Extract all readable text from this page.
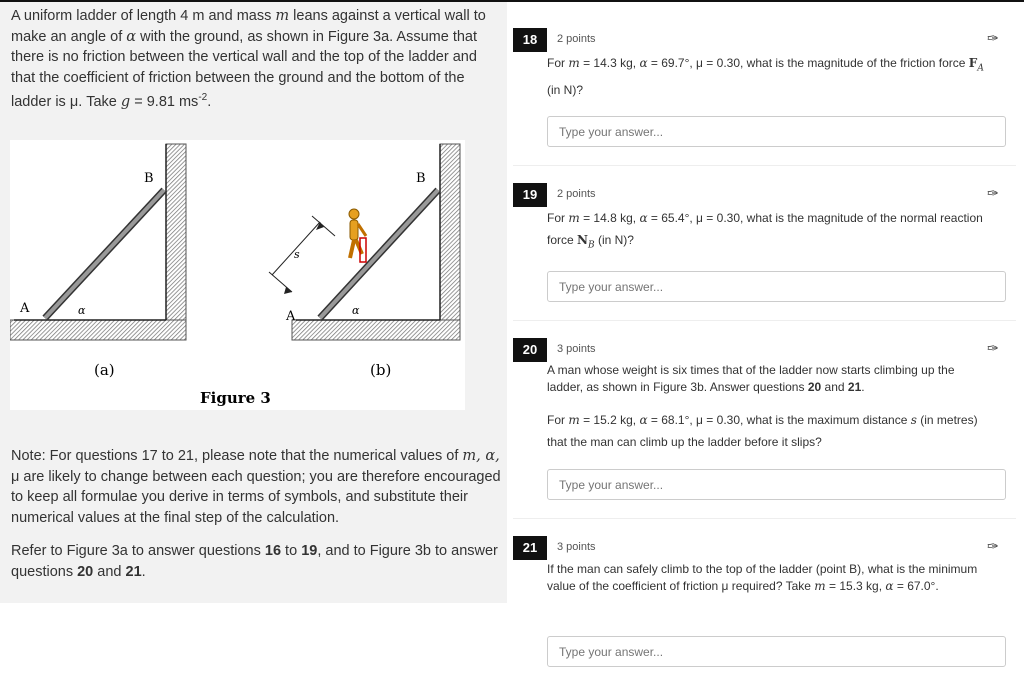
A uniform ladder of length 4 m and mass m leans against a vertical wall to make an angle of α with the ground, as shown in Figure 3a. Assume that there is no friction between the vertical wall and the top of the ladder and that the coefficient of friction between the ground and the bottom of the ladder is μ. Take g = 9.81 $ms^{-2}$.
A
B
α	A
B
α
s
(a)	(b)
Figure 3
Note: For questions 17 to 21, please note that the numerical values of m, α, μ are likely to change between each question; you are therefore encouraged to keep all formulae you derive in terms of symbols, and substitute their numerical values at the final step of the calculation.
Refer to Figure 3a to answer questions 16 to 19, and to Figure 3b to answer questions 20 and 21.
18	2 points	✑
For m = 14.3 kg, α = 69.7°, μ = 0.30, what is the magnitude of the friction force $F_A$ (in N)?
Type your answer...
19	2 points	✑
For m = 14.8 kg, α = 65.4°, μ = 0.30, what is the magnitude of the normal reaction force $N_B$ (in N)?
Type your answer...
20	3 points	✑
A man whose weight is six times that of the ladder now starts climbing up the ladder, as shown in Figure 3b. Answer questions 20 and 21.
For m = 15.2 kg, α = 68.1°, μ = 0.30, what is the maximum distance s (in metres) that the man can climb up the ladder before it slips?
Type your answer...
21	3 points	✑
If the man can safely climb to the top of the ladder (point B), what is the minimum value of the coefficient of friction μ required? Take m = 15.3 kg, α = 67.0°.
Type your answer...
